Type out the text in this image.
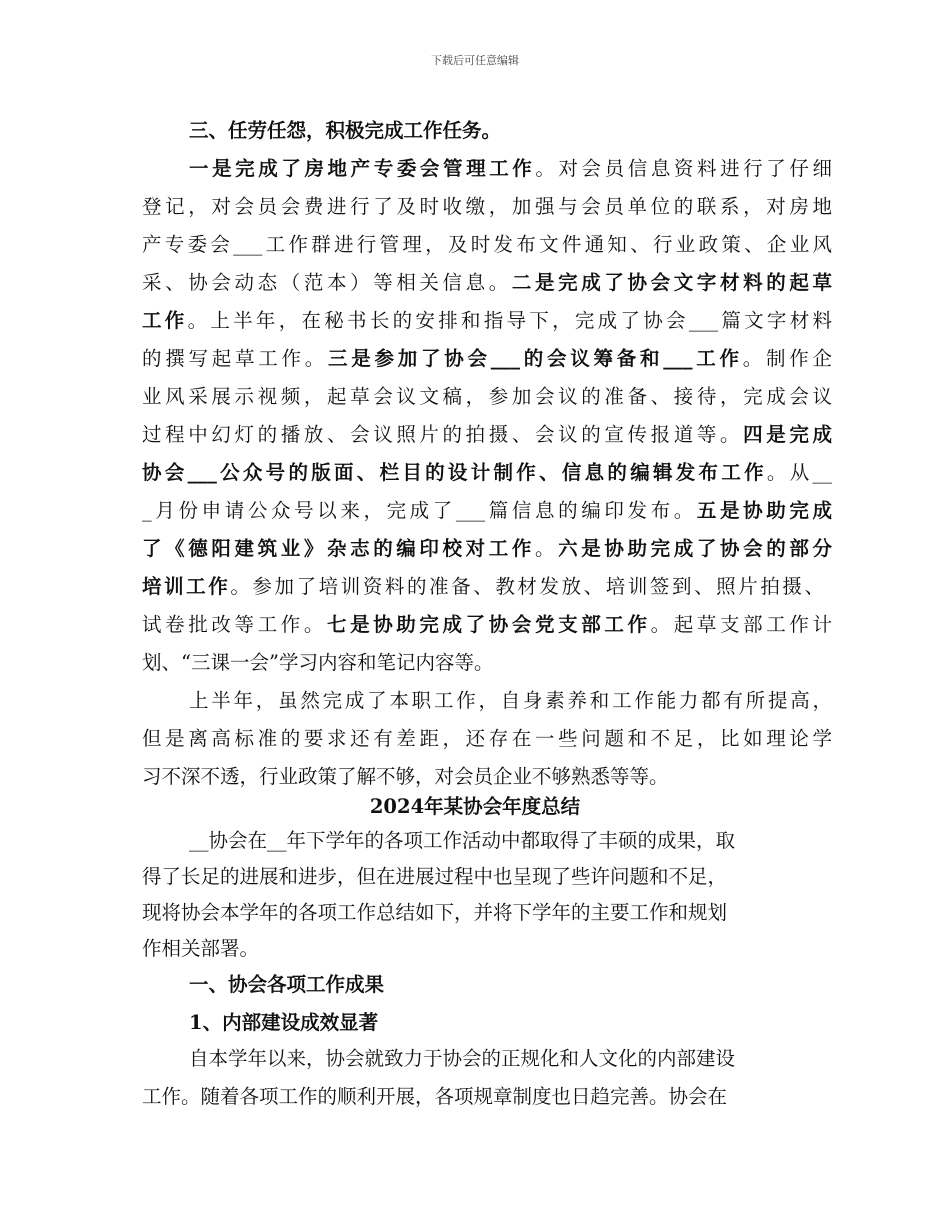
下载后可任意编辑
三、任劳任怨，积极完成工作任务。
一是完成了房地产专委会管理工作。对会员信息资料进行了仔细
登记，对会员会费进行了及时收缴，加强与会员单位的联系，对房地
产专委会___工作群进行管理，及时发布文件通知、行业政策、企业风
采、协会动态（范本）等相关信息。二是完成了协会文字材料的起草
工作。上半年，在秘书长的安排和指导下，完成了协会___篇文字材料
的撰写起草工作。三是参加了协会___的会议筹备和___工作。制作企
业风采展示视频，起草会议文稿，参加会议的准备、接待，完成会议
过程中幻灯的播放、会议照片的拍摄、会议的宣传报道等。四是完成
协会___公众号的版面、栏目的设计制作、信息的编辑发布工作。从__
_月份申请公众号以来，完成了___篇信息的编印发布。五是协助完成
了《德阳建筑业》杂志的编印校对工作。六是协助完成了协会的部分
培训工作。参加了培训资料的准备、教材发放、培训签到、照片拍摄、
试卷批改等工作。七是协助完成了协会党支部工作。起草支部工作计
划、“三课一会”学习内容和笔记内容等。
上半年，虽然完成了本职工作，自身素养和工作能力都有所提高，
但是离高标准的要求还有差距，还存在一些问题和不足，比如理论学
习不深不透，行业政策了解不够，对会员企业不够熟悉等等。
2024年某协会年度总结
__协会在__年下学年的各项工作活动中都取得了丰硕的成果，取
得了长足的进展和进步，但在进展过程中也呈现了些许问题和不足，
现将协会本学年的各项工作总结如下，并将下学年的主要工作和规划
作相关部署。
一、协会各项工作成果
1、内部建设成效显著
自本学年以来，协会就致力于协会的正规化和人文化的内部建设
工作。随着各项工作的顺利开展，各项规章制度也日趋完善。协会在
